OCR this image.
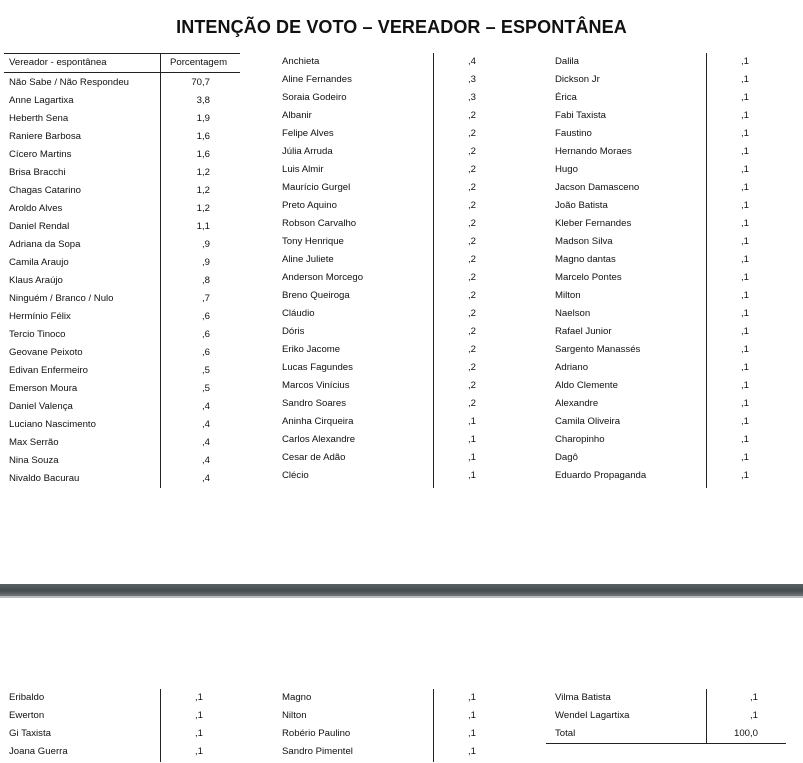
INTENÇÃO DE VOTO – VEREADOR – ESPONTÂNEA
Vereador - espontânea	Porcentagem
Não Sabe / Não Respondeu	70,7
Anne Lagartixa	3,8
Heberth Sena	1,9
Raniere Barbosa	1,6
Cícero Martins	1,6
Brisa Bracchi	1,2
Chagas Catarino	1,2
Aroldo Alves	1,2
Daniel Rendal	1,1
Adriana da Sopa	,9
Camila Araujo	,9
Klaus Araújo	,8
Ninguém / Branco / Nulo	,7
Hermínio Félix	,6
Tercio Tinoco	,6
Geovane Peixoto	,6
Edivan Enfermeiro	,5
Emerson Moura	,5
Daniel Valença	,4
Luciano Nascimento	,4
Max Serrão	,4
Nina Souza	,4
Nivaldo Bacurau	,4
Anchieta	,4
Aline Fernandes	,3
Soraia Godeiro	,3
Albanir	,2
Felipe Alves	,2
Júlia Arruda	,2
Luis Almir	,2
Maurício Gurgel	,2
Preto Aquino	,2
Robson Carvalho	,2
Tony Henrique	,2
Aline Juliete	,2
Anderson Morcego	,2
Breno Queiroga	,2
Cláudio	,2
Dóris	,2
Eriko Jacome	,2
Lucas Fagundes	,2
Marcos Vinícius	,2
Sandro Soares	,2
Aninha Cirqueira	,1
Carlos Alexandre	,1
Cesar de Adão	,1
Clécio	,1
Dalila	,1
Dickson Jr	,1
Érica	,1
Fabi Taxista	,1
Faustino	,1
Hernando Moraes	,1
Hugo	,1
Jacson Damasceno	,1
João Batista	,1
Kleber Fernandes	,1
Madson Silva	,1
Magno dantas	,1
Marcelo Pontes	,1
Milton	,1
Naelson	,1
Rafael Junior	,1
Sargento Manassés	,1
Adriano	,1
Aldo Clemente	,1
Alexandre	,1
Camila Oliveira	,1
Charopinho	,1
Dagô	,1
Eduardo Propaganda	,1
Eribaldo	,1
Ewerton	,1
Gi Taxista	,1
Joana Guerra	,1
Magno	,1
Nilton	,1
Robério Paulino	,1
Sandro Pimentel	,1
Vilma Batista	,1
Wendel Lagartixa	,1
Total	100,0
